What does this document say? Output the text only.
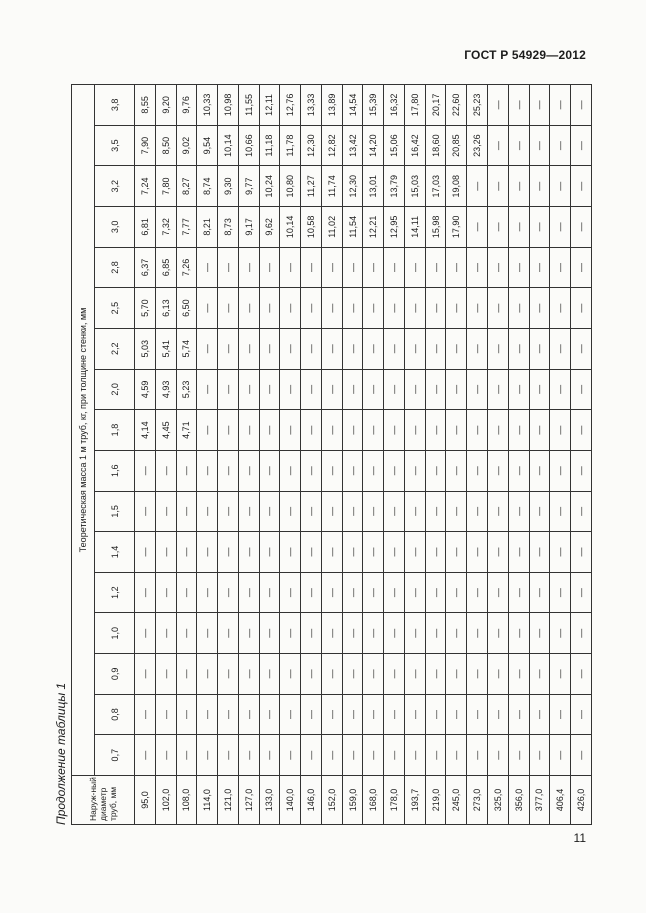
ГОСТ Р 54929—2012
Продолжение таблицы 1	Наруж-ный диаметр труб, мм	Теоретическая масса 1 м труб, кг, при толщине стенки, мм																
	0,7	0,8	0,9	1,0	1,2	1,4	1,5	1,6	1,8	2,0	2,2	2,5	2,8	3,0	3,2	3,5	3,8
95,0	—	—	—	—	—	—	—	—	4,14	4,59	5,03	5,70	6,37	6,81	7,24	7,90	8,55
102,0	—	—	—	—	—	—	—	—	4,45	4,93	5,41	6,13	6,85	7,32	7,80	8,50	9,20
108,0	—	—	—	—	—	—	—	—	4,71	5,23	5,74	6,50	7,26	7,77	8,27	9,02	9,76
114,0	—	—	—	—	—	—	—	—	—	—	—	—	—	8,21	8,74	9,54	10,33
121,0	—	—	—	—	—	—	—	—	—	—	—	—	—	8,73	9,30	10,14	10,98
127,0	—	—	—	—	—	—	—	—	—	—	—	—	—	9,17	9,77	10,66	11,55
133,0	—	—	—	—	—	—	—	—	—	—	—	—	—	9,62	10,24	11,18	12,11
140,0	—	—	—	—	—	—	—	—	—	—	—	—	—	10,14	10,80	11,78	12,76
146,0	—	—	—	—	—	—	—	—	—	—	—	—	—	10,58	11,27	12,30	13,33
152,0	—	—	—	—	—	—	—	—	—	—	—	—	—	11,02	11,74	12,82	13,89
159,0	—	—	—	—	—	—	—	—	—	—	—	—	—	11,54	12,30	13,42	14,54
168,0	—	—	—	—	—	—	—	—	—	—	—	—	—	12,21	13,01	14,20	15,39
178,0	—	—	—	—	—	—	—	—	—	—	—	—	—	12,95	13,79	15,06	16,32
193,7	—	—	—	—	—	—	—	—	—	—	—	—	—	14,11	15,03	16,42	17,80
219,0	—	—	—	—	—	—	—	—	—	—	—	—	—	15,98	17,03	18,60	20,17
245,0	—	—	—	—	—	—	—	—	—	—	—	—	—	17,90	19,08	20,85	22,60
273,0	—	—	—	—	—	—	—	—	—	—	—	—	—	—	—	23,26	25,23
325,0	—	—	—	—	—	—	—	—	—	—	—	—	—	—	—	—	—
356,0	—	—	—	—	—	—	—	—	—	—	—	—	—	—	—	—	—
377,0	—	—	—	—	—	—	—	—	—	—	—	—	—	—	—	—	—
406,4	—	—	—	—	—	—	—	—	—	—	—	—	—	—	—	—	—
426,0	—	—	—	—	—	—	—	—	—	—	—	—	—	—	—	—	—
11
